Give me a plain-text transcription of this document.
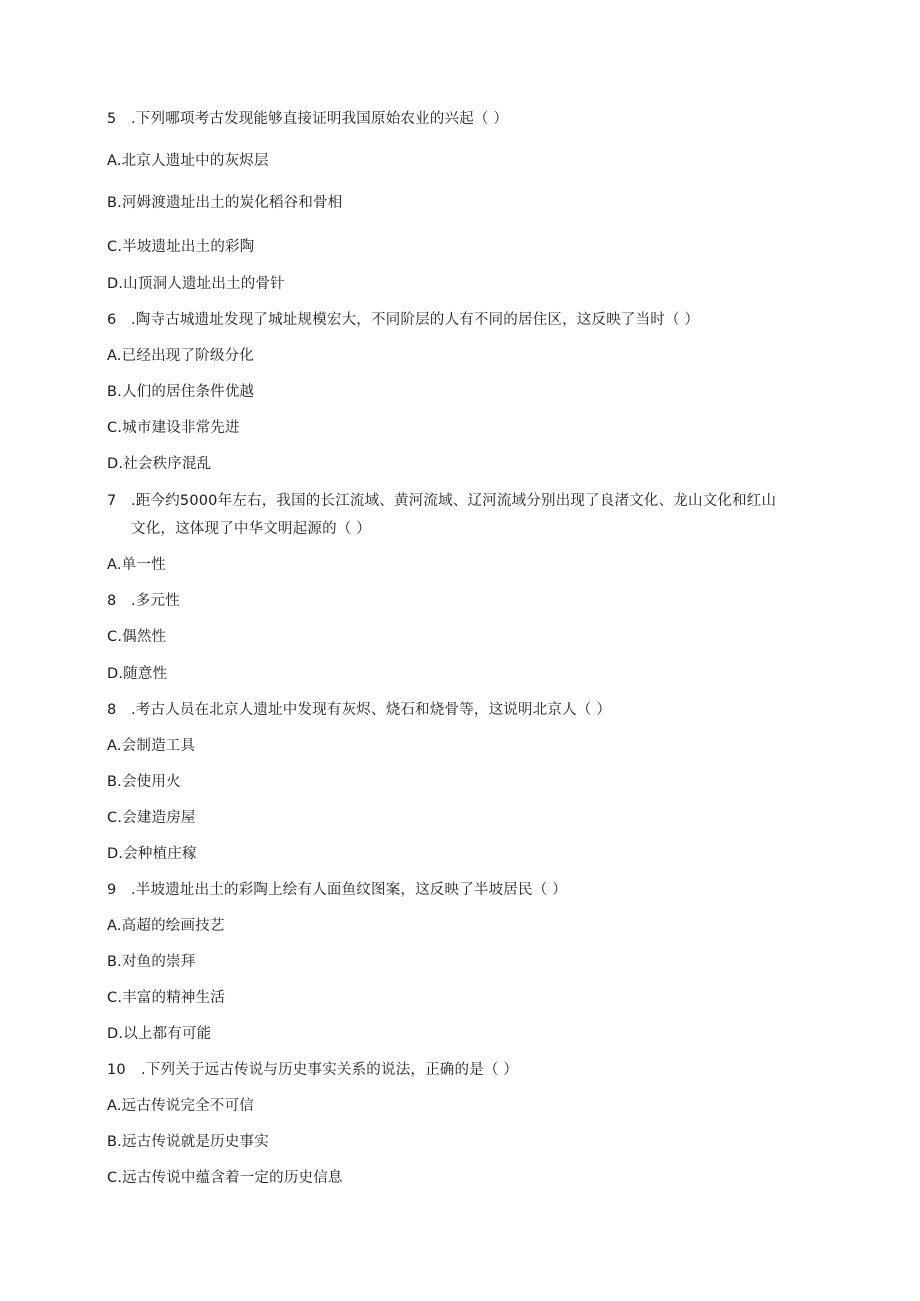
5 .下列哪项考古发现能够直接证明我国原始农业的兴起（ ）
A.北京人遗址中的灰烬层
B.河姆渡遗址出土的炭化稻谷和骨相
C.半坡遗址出土的彩陶
D.山顶洞人遗址出土的骨针
6 .陶寺古城遗址发现了城址规模宏大，不同阶层的人有不同的居住区，这反映了当时（ ）
A.已经出现了阶级分化
B.人们的居住条件优越
C.城市建设非常先进
D.社会秩序混乱
7 .距今约5000年左右，我国的长江流域、黄河流域、辽河流域分别出现了良渚文化、龙山文化和红山
文化，这体现了中华文明起源的（ ）
A.单一性
8 .多元性
C.偶然性
D.随意性
8 .考古人员在北京人遗址中发现有灰烬、烧石和烧骨等，这说明北京人（ ）
A.会制造工具
B.会使用火
C.会建造房屋
D.会种植庄稼
9 .半坡遗址出土的彩陶上绘有人面鱼纹图案，这反映了半坡居民（ ）
A.高超的绘画技艺
B.对鱼的崇拜
C.丰富的精神生活
D.以上都有可能
10 .下列关于远古传说与历史事实关系的说法，正确的是（ ）
A.远古传说完全不可信
B.远古传说就是历史事实
C.远古传说中蕴含着一定的历史信息
